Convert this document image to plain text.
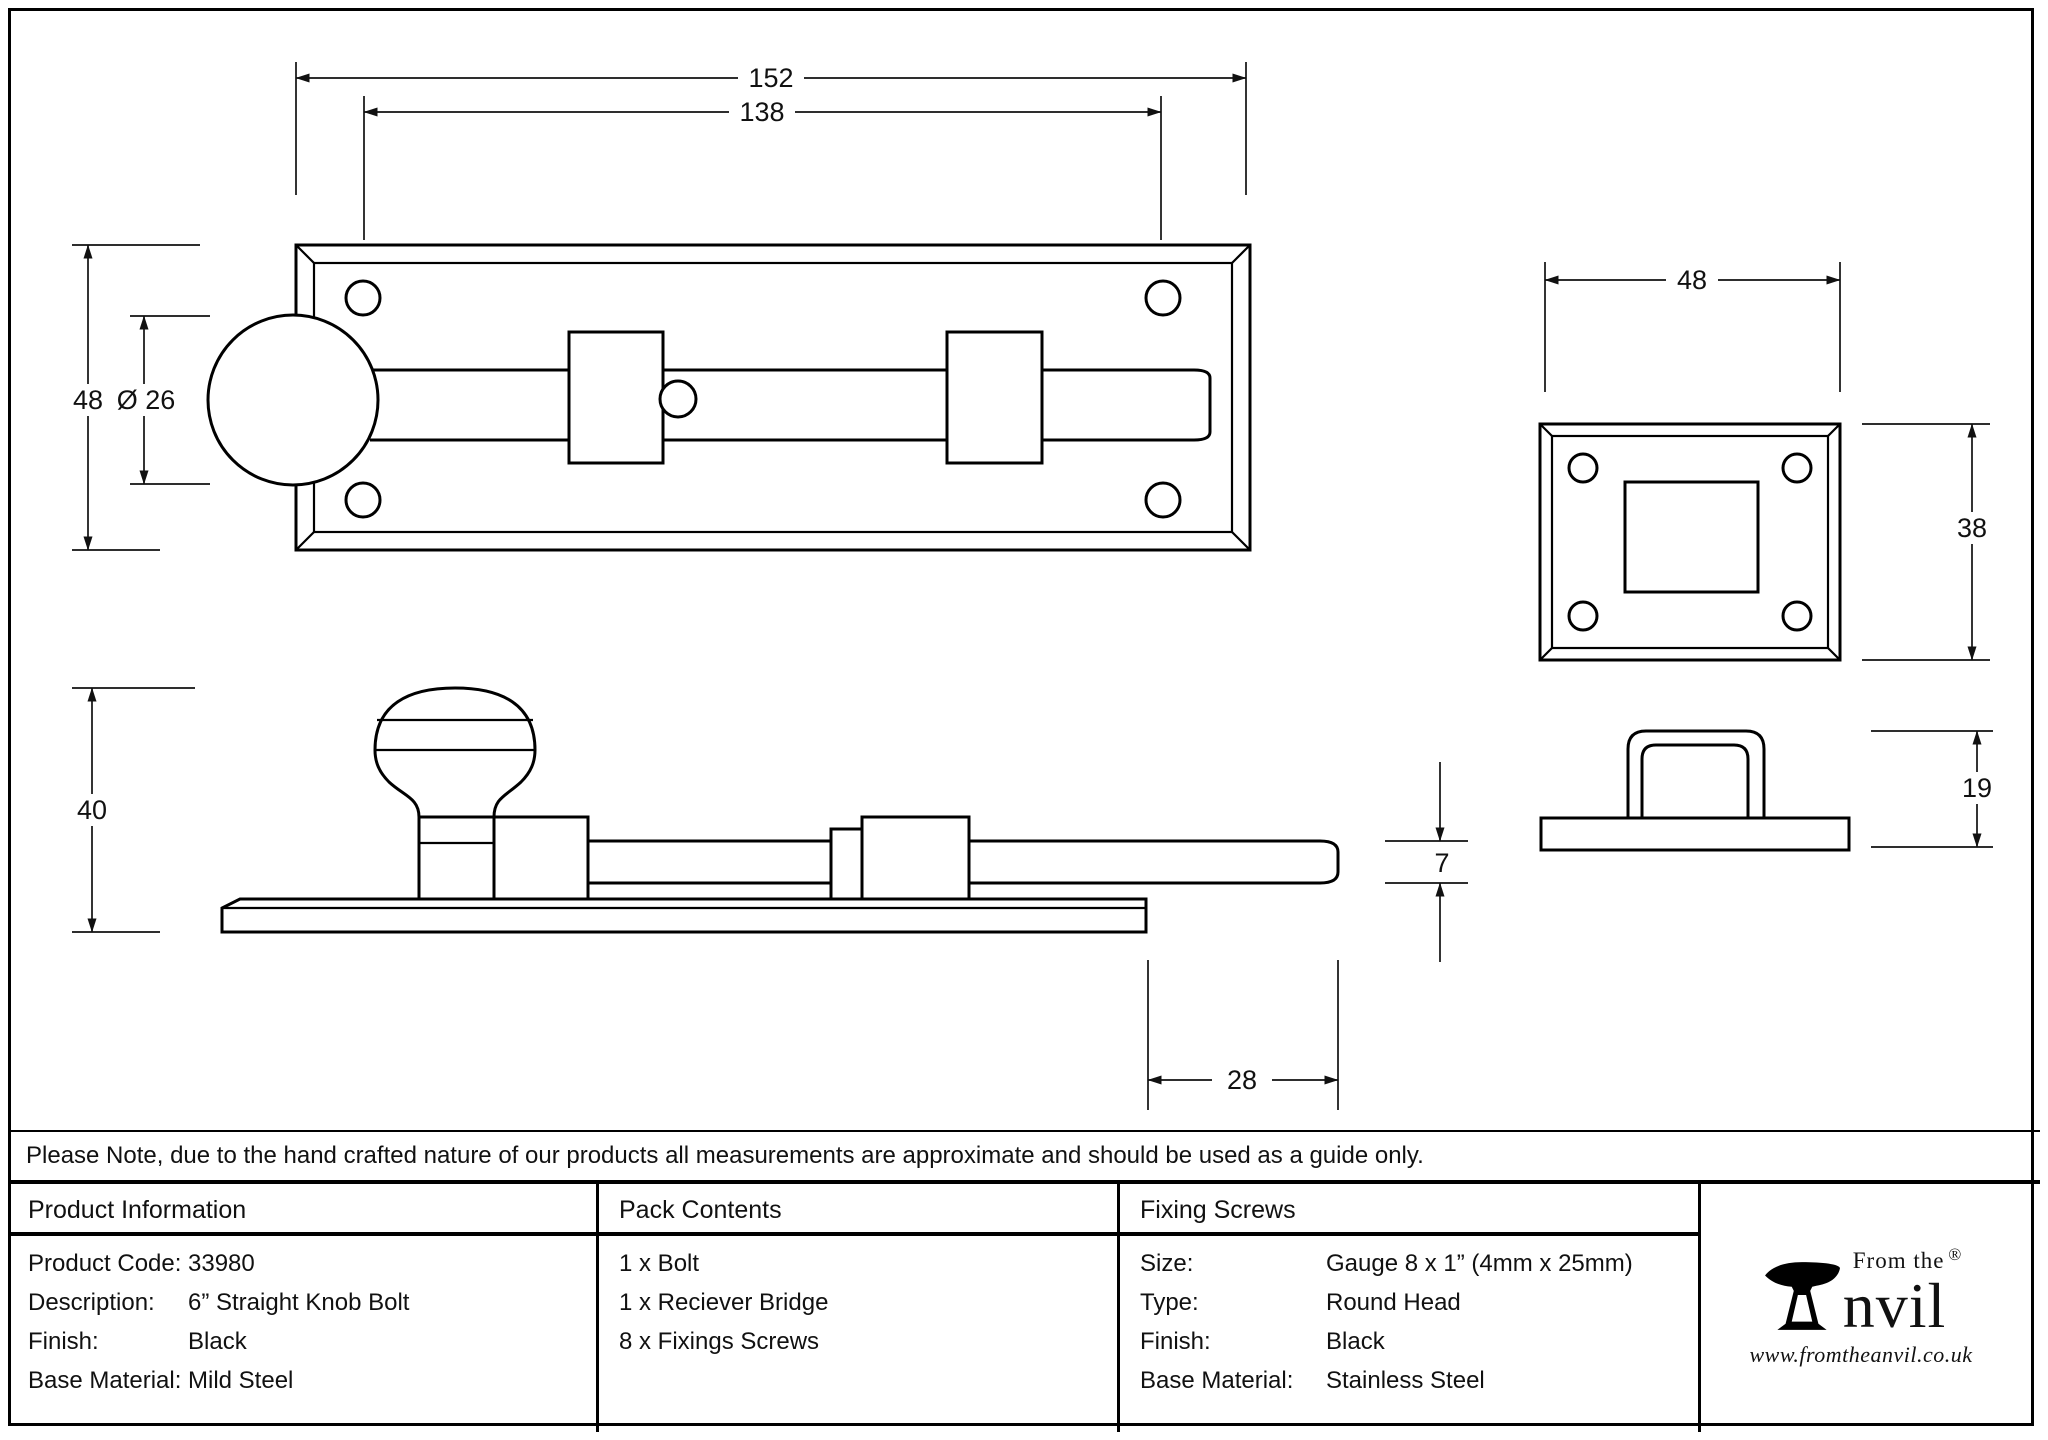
152
138
48 Ø 26
40
7
28
48
38
19
Please Note, due to the hand crafted nature of our products all measurements are approximate and should be used as a guide only.
Product Information
Product Code: 33980
Description:	6” Straight Knob Bolt
Finish:	Black
Base Material: Mild Steel
Pack Contents
1 x Bolt
1 x Reciever Bridge
8 x Fixings Screws
Fixing Screws
Size:	Gauge 8 x 1” (4mm x 25mm)
Type:	Round Head
Finish:	Black
Base Material:	Stainless Steel
From the
nvil®
www.fromtheanvil.co.uk
